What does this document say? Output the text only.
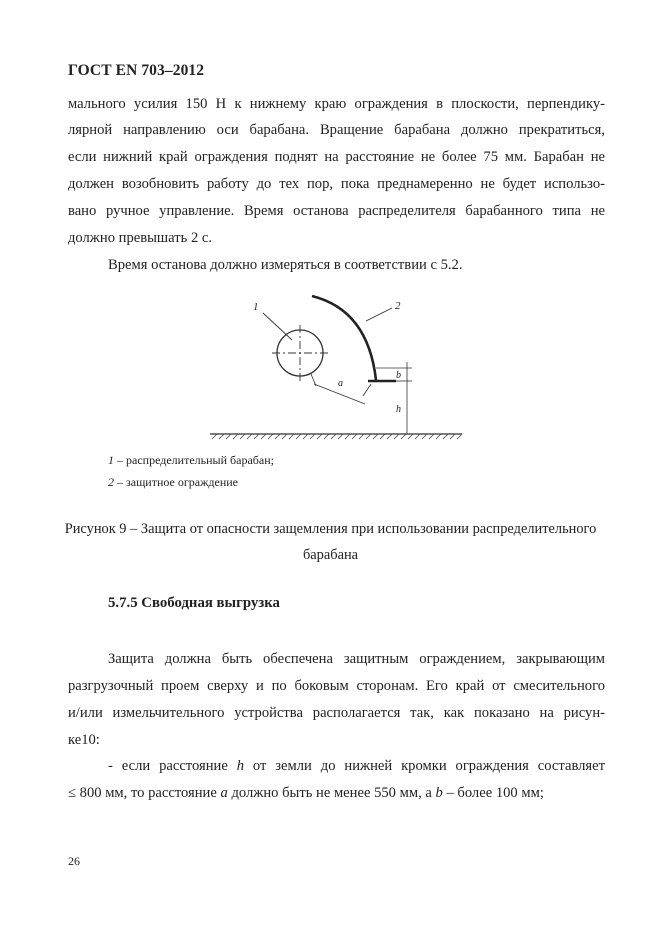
ГОСТ EN 703–2012
мального усилия 150 Н к нижнему краю ограждения в плоскости, перпендику-
лярной направлению оси барабана. Вращение барабана должно прекратиться,
если нижний край ограждения поднят на расстояние не более 75 мм. Барабан не
должен возобновить работу до тех пор, пока преднамеренно не будет использо-
вано ручное управление. Время останова распределителя барабанного типа не
должно превышать 2 с.
Время останова должно измеряться в соответствии с 5.2.
1	2
a
b
h
1 – распределительный барабан;
2 – защитное ограждение
Рисунок 9 – Защита от опасности защемления при использовании распределительного
барабана
5.7.5 Свободная выгрузка
Защита должна быть обеспечена защитным ограждением, закрывающим
разгрузочный проем сверху и по боковым сторонам. Его край от смесительного
и/или измельчительного устройства располагается так, как показано на рисун-
ке10:
- если расстояние h от земли до нижней кромки ограждения составляет
≤ 800 мм, то расстояние a должно быть не менее 550 мм, а b – более 100 мм;
26
